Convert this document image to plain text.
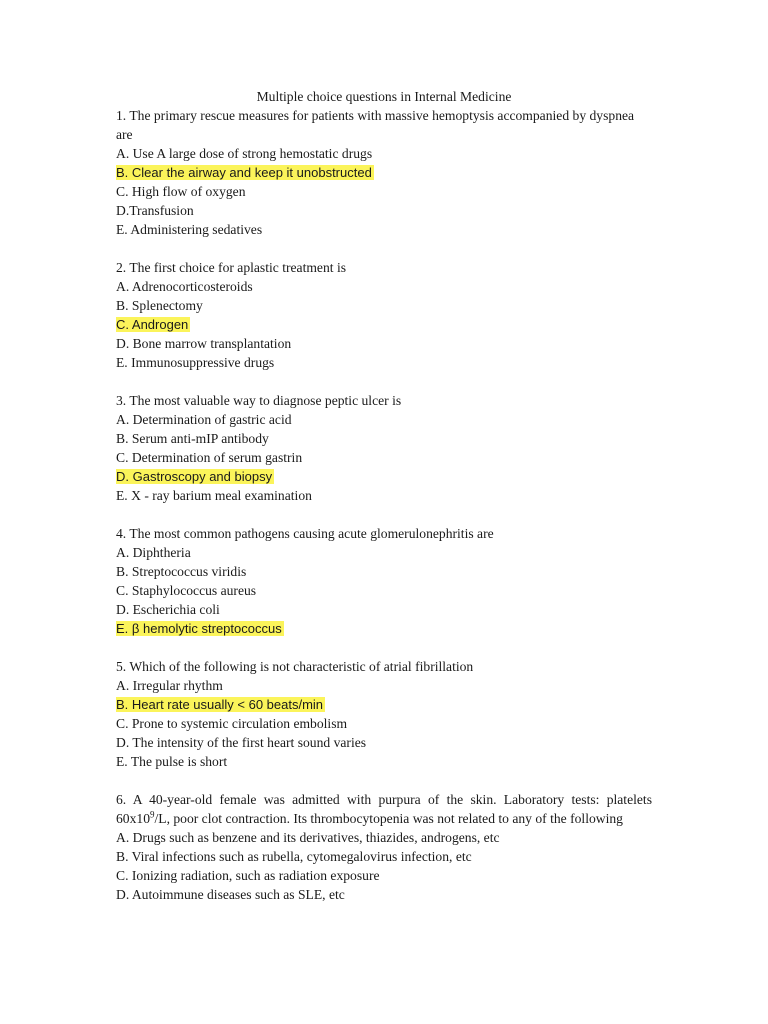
Multiple choice questions in Internal Medicine

1. The primary rescue measures for patients with massive hemoptysis accompanied by dyspnea are

A. Use A large dose of strong hemostatic drugs
B. Clear the airway and keep it unobstructed
C. High flow of oxygen
D.Transfusion
E. Administering sedatives

2. The first choice for aplastic treatment is

A. Adrenocorticosteroids
B. Splenectomy
C. Androgen
D. Bone marrow transplantation
E. Immunosuppressive drugs

3. The most valuable way to diagnose peptic ulcer is

A. Determination of gastric acid
B. Serum anti-mIP antibody
C. Determination of serum gastrin
D. Gastroscopy and biopsy
E. X - ray barium meal examination

4. The most common pathogens causing acute glomerulonephritis are

A. Diphtheria
B. Streptococcus viridis
C. Staphylococcus aureus
D. Escherichia coli
E. β hemolytic streptococcus

5. Which of the following is not characteristic of atrial fibrillation

A. Irregular rhythm
B. Heart rate usually < 60 beats/min
C. Prone to systemic circulation embolism
D. The intensity of the first heart sound varies
E. The pulse is short

6. A 40-year-old female was admitted with purpura of the skin. Laboratory tests: platelets $60x10^9/L$, poor clot contraction. Its thrombocytopenia was not related to any of the following

A. Drugs such as benzene and its derivatives, thiazides, androgens, etc
B. Viral infections such as rubella, cytomegalovirus infection, etc
C. Ionizing radiation, such as radiation exposure
D. Autoimmune diseases such as SLE, etc
